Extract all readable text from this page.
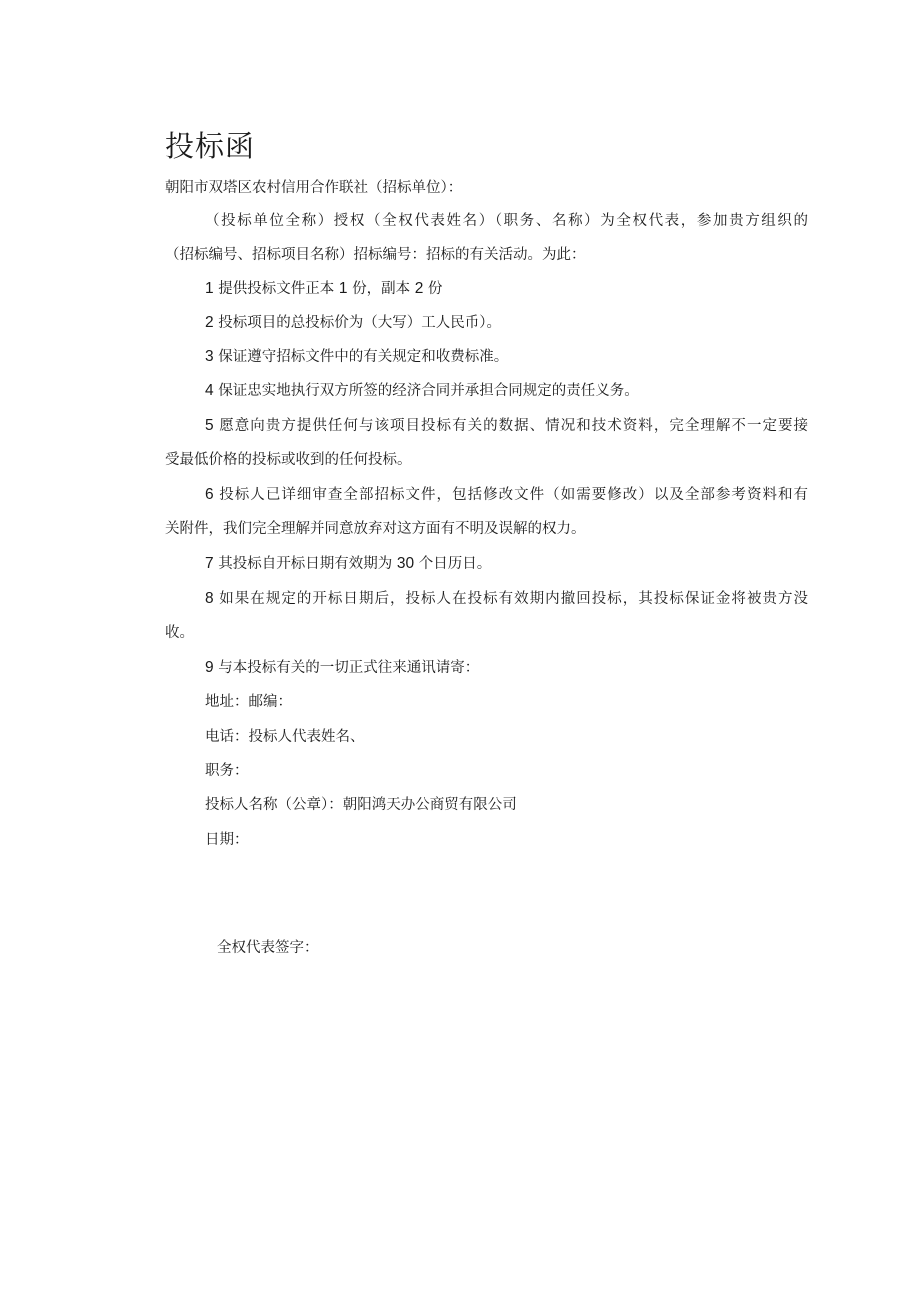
投标函

朝阳市双塔区农村信用合作联社（招标单位）：

（投标单位全称）授权（全权代表姓名）（职务、名称）为全权代表，参加贵方组织的

（招标编号、招标项目名称）招标编号：招标的有关活动。为此：

1 提供投标文件正本 1 份，副本 2 份

2 投标项目的总投标价为（大写）工人民币）。

3 保证遵守招标文件中的有关规定和收费标准。

4 保证忠实地执行双方所签的经济合同并承担合同规定的责任义务。

5 愿意向贵方提供任何与该项目投标有关的数据、情况和技术资料，完全理解不一定要接

受最低价格的投标或收到的任何投标。

6 投标人已详细审查全部招标文件，包括修改文件（如需要修改）以及全部参考资料和有

关附件，我们完全理解并同意放弃对这方面有不明及误解的权力。

7 其投标自开标日期有效期为 30 个日历日。

8 如果在规定的开标日期后，投标人在投标有效期内撤回投标，其投标保证金将被贵方没

收。

9 与本投标有关的一切正式往来通讯请寄：

地址：邮编：

电话：投标人代表姓名、

职务：

投标人名称（公章）：朝阳鸿天办公商贸有限公司

日期：

全权代表签字：
